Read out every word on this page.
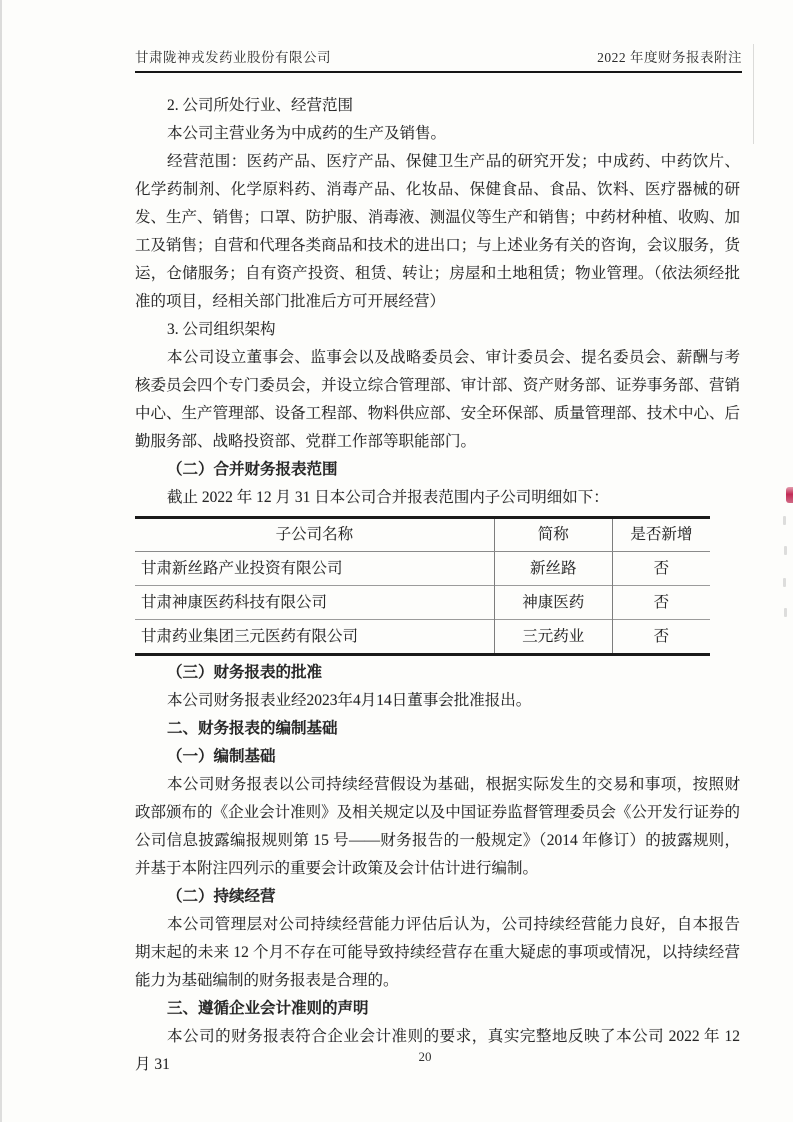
甘肃陇神戎发药业股份有限公司	2022 年度财务报表附注

2. 公司所处行业、经营范围

本公司主营业务为中成药的生产及销售。

经营范围：医药产品、医疗产品、保健卫生产品的研究开发；中成药、中药饮片、化学药制剂、化学原料药、消毒产品、化妆品、保健食品、食品、饮料、医疗器械的研发、生产、销售；口罩、防护服、消毒液、测温仪等生产和销售；中药材种植、收购、加工及销售；自营和代理各类商品和技术的进出口；与上述业务有关的咨询，会议服务，货运，仓储服务；自有资产投资、租赁、转让；房屋和土地租赁；物业管理。（依法须经批准的项目，经相关部门批准后方可开展经营）

3. 公司组织架构

本公司设立董事会、监事会以及战略委员会、审计委员会、提名委员会、薪酬与考核委员会四个专门委员会，并设立综合管理部、审计部、资产财务部、证券事务部、营销中心、生产管理部、设备工程部、物料供应部、安全环保部、质量管理部、技术中心、后勤服务部、战略投资部、党群工作部等职能部门。

（二）合并财务报表范围

截止 2022 年 12 月 31 日本公司合并报表范围内子公司明细如下：

子公司名称	简称	是否新增
甘肃新丝路产业投资有限公司	新丝路	否
甘肃神康医药科技有限公司	神康医药	否
甘肃药业集团三元医药有限公司	三元药业	否

（三）财务报表的批准

本公司财务报表业经2023年4月14日董事会批准报出。

二、财务报表的编制基础

（一）编制基础

本公司财务报表以公司持续经营假设为基础，根据实际发生的交易和事项，按照财政部颁布的《企业会计准则》及相关规定以及中国证券监督管理委员会《公开发行证券的公司信息披露编报规则第 15 号——财务报告的一般规定》（2014 年修订）的披露规则，并基于本附注四列示的重要会计政策及会计估计进行编制。

（二）持续经营

本公司管理层对公司持续经营能力评估后认为，公司持续经营能力良好，自本报告期末起的未来 12 个月不存在可能导致持续经营存在重大疑虑的事项或情况，以持续经营能力为基础编制的财务报表是合理的。

三、遵循企业会计准则的声明

本公司的财务报表符合企业会计准则的要求，真实完整地反映了本公司 2022 年 12 月 31	20
